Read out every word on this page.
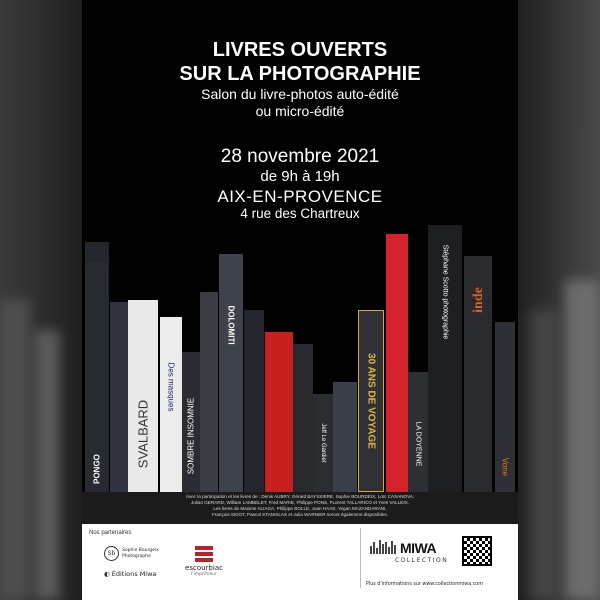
LIVRES OUVERTS
SUR LA PHOTOGRAPHIE
Salon du livre-photos auto-édité
ou micro-édité
28 novembre 2021
de 9h à 19h
AIX-EN-PROVENCE
4 rue des Chartreux
PONGO
SVALBARD
Des masques
SOMBRE INSOMNIE
DOLOMITI
Jeff Le Gardiet	30 ANS DE VOYAGE	LA DOYENNE
Stéphane Scotto photographie inde
Vone
Avec la participation et les livres de : Denis AUBRY, Gérard BAYSSIERE, Sophie BOURDEIX, Loïc CASANOVA,
Julian GERARD, William LAMBELET, Fred MARIE, Philippe PONS, FLorent TALLARICO et Yves VALLEIX.
Les livres de Maxime ALIAGA, Philippe BOLLE, Joan HAAS, Yegan MAZANDARANI,
François SIDOT, Pascal STANISLAS et Julia WARNIER seront également disponibles.
Nos partenaires
Sb	Sophie Bourgeix
Photographe
◐ Éditions Miwa
escourbiac
l'imprimeur
MIWA
COLLECTION
Plus d'informations sur www.collectionmiwa.com
